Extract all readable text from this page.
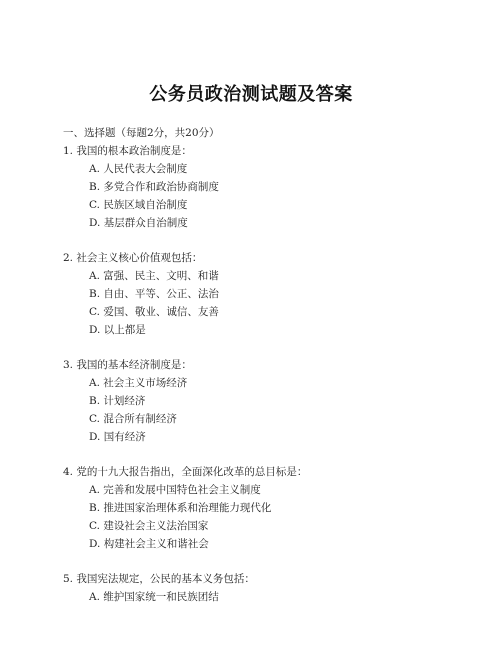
公务员政治测试题及答案
一、选择题（每题2分，共20分）
1. 我国的根本政治制度是：
A. 人民代表大会制度
B. 多党合作和政治协商制度
C. 民族区域自治制度
D. 基层群众自治制度
2. 社会主义核心价值观包括：
A. 富强、民主、文明、和谐
B. 自由、平等、公正、法治
C. 爱国、敬业、诚信、友善
D. 以上都是
3. 我国的基本经济制度是：
A. 社会主义市场经济
B. 计划经济
C. 混合所有制经济
D. 国有经济
4. 党的十九大报告指出，全面深化改革的总目标是：
A. 完善和发展中国特色社会主义制度
B. 推进国家治理体系和治理能力现代化
C. 建设社会主义法治国家
D. 构建社会主义和谐社会
5. 我国宪法规定，公民的基本义务包括：
A. 维护国家统一和民族团结
